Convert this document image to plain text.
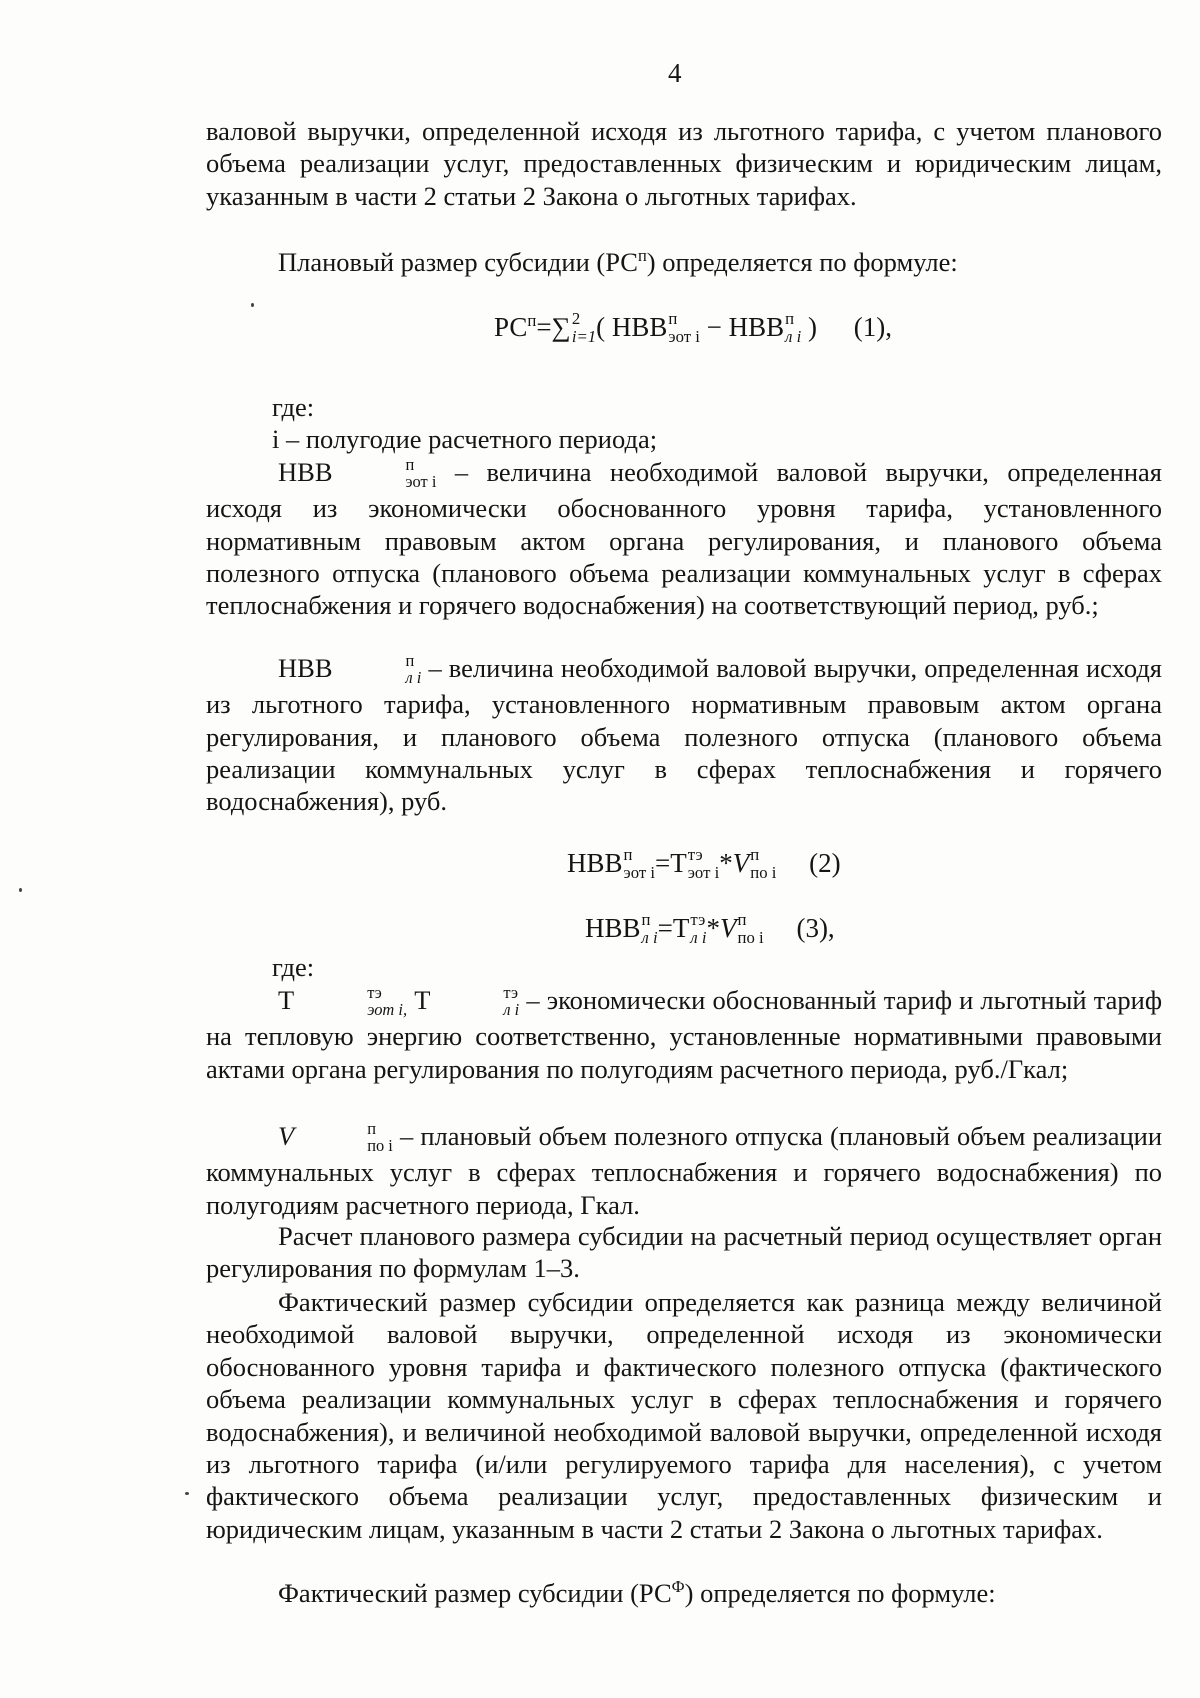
4

валовой выручки, определенной исходя из льготного тарифа, с учетом планового объема реализации услуг, предоставленных физическим и юридическим лицам, указанным в части 2 статьи 2 Закона о льготных тарифах.

Плановый размер субсидии $(РС^п)$ определяется по формуле:

$РС^п=\sum$ 2
i=1 ( НВВ п
эот i − НВВ п
л i ) (1),
где:
i – полугодие расчетного периода;

НВВ	п
эот i – величина необходимой валовой выручки, определенная исходя из экономически обоснованного уровня тарифа, установленного нормативным правовым актом органа регулирования, и планового объема полезного отпуска (планового объема реализации коммунальных услуг в сферах теплоснабжения и горячего водоснабжения) на соответствующий период, руб.;

НВВ	п
л i – величина необходимой валовой выручки, определенная исходя из льготного тарифа, установленного нормативным правовым актом органа регулирования, и планового объема полезного отпуска (планового объема реализации коммунальных услуг в сферах теплоснабжения и горячего водоснабжения), руб.

НВВ п
эот i =Т тэ
эот i *V п
по i (2)
НВВ п
л i =Т тэ
л i *V п
по i (3),
где:

Т	тэ
эот i, Т	тэ
л i – экономически обоснованный тариф и льготный тариф на тепловую энергию соответственно, установленные нормативными правовыми актами органа регулирования по полугодиям расчетного периода, руб./Гкал;

V	п
по i – плановый объем полезного отпуска (плановый объем реализации коммунальных услуг в сферах теплоснабжения и горячего водоснабжения) по полугодиям расчетного периода, Гкал.

Расчет планового размера субсидии на расчетный период осуществляет орган регулирования по формулам 1–3.

Фактический размер субсидии определяется как разница между величиной необходимой валовой выручки, определенной исходя из экономически обоснованного уровня тарифа и фактического полезного отпуска (фактического объема реализации коммунальных услуг в сферах теплоснабжения и горячего водоснабжения), и величиной необходимой валовой выручки, определенной исходя из льготного тарифа (и/или регулируемого тарифа для населения), с учетом фактического объема реализации услуг, предоставленных физическим и юридическим лицам, указанным в части 2 статьи 2 Закона о льготных тарифах.

Фактический размер субсидии $(РС^Ф)$ определяется по формуле:
